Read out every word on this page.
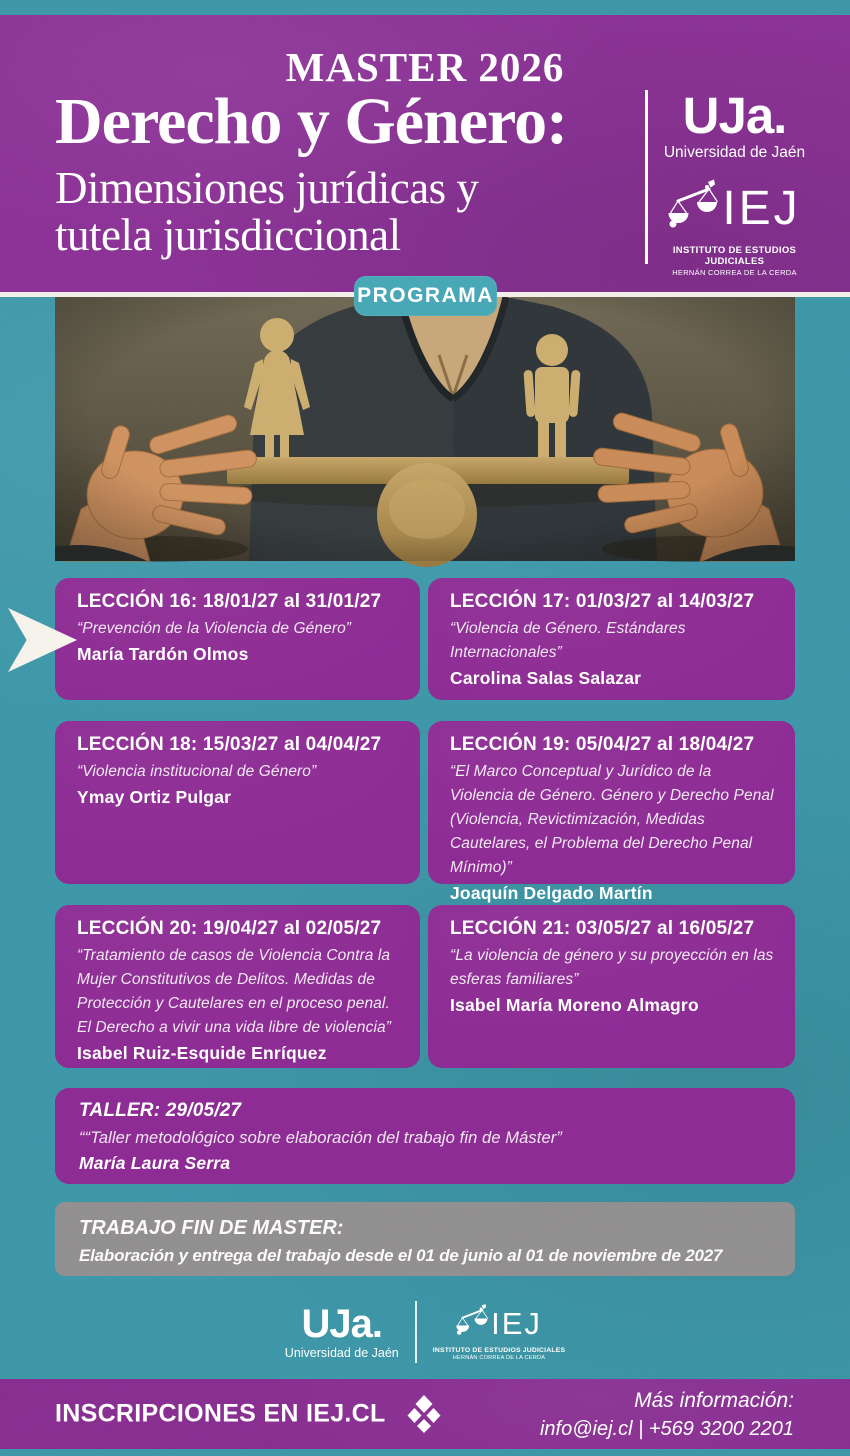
MASTER 2026
Derecho y Género:
Dimensiones jurídicas y
tutela jurisdiccional
UJa.
Universidad de Jaén
IEJ
INSTITUTO DE ESTUDIOS JUDICIALES
HERNÁN CORREA DE LA CERDA
PROGRAMA
LECCIÓN 16: 18/01/27 al 31/01/27

“Prevención de la Violencia de Género”

María Tardón Olmos

LECCIÓN 17: 01/03/27 al 14/03/27

“Violencia de Género. Estándares Internacionales”

Carolina Salas Salazar

LECCIÓN 18: 15/03/27 al 04/04/27

“Violencia institucional de Género”

Ymay Ortiz Pulgar

LECCIÓN 19: 05/04/27 al 18/04/27

“El Marco Conceptual y Jurídico de la Violencia de Género. Género y Derecho Penal (Violencia, Revictimización, Medidas Cautelares, el Problema del Derecho Penal Mínimo)”

Joaquín Delgado Martín

LECCIÓN 20: 19/04/27 al 02/05/27

“Tratamiento de casos de Violencia Contra la Mujer Constitutivos de Delitos. Medidas de Protección y Cautelares en el proceso penal. El Derecho a vivir una vida libre de violencia”

Isabel Ruiz-Esquide Enríquez

LECCIÓN 21: 03/05/27 al 16/05/27

“La violencia de género y su proyección en las esferas familiares”

Isabel María Moreno Almagro

TALLER: 29/05/27

““Taller metodológico sobre elaboración del trabajo fin de Máster”

María Laura Serra

TRABAJO FIN DE MASTER:

Elaboración y entrega del trabajo desde el 01 de junio al 01 de noviembre de 2027

UJa.
Universidad de Jaén
IEJ
INSTITUTO DE ESTUDIOS JUDICIALES
HERNÁN CORREA DE LA CERDA
INSCRIPCIONES EN IEJ.CL	Más información:
info@iej.cl | +569 3200 2201
